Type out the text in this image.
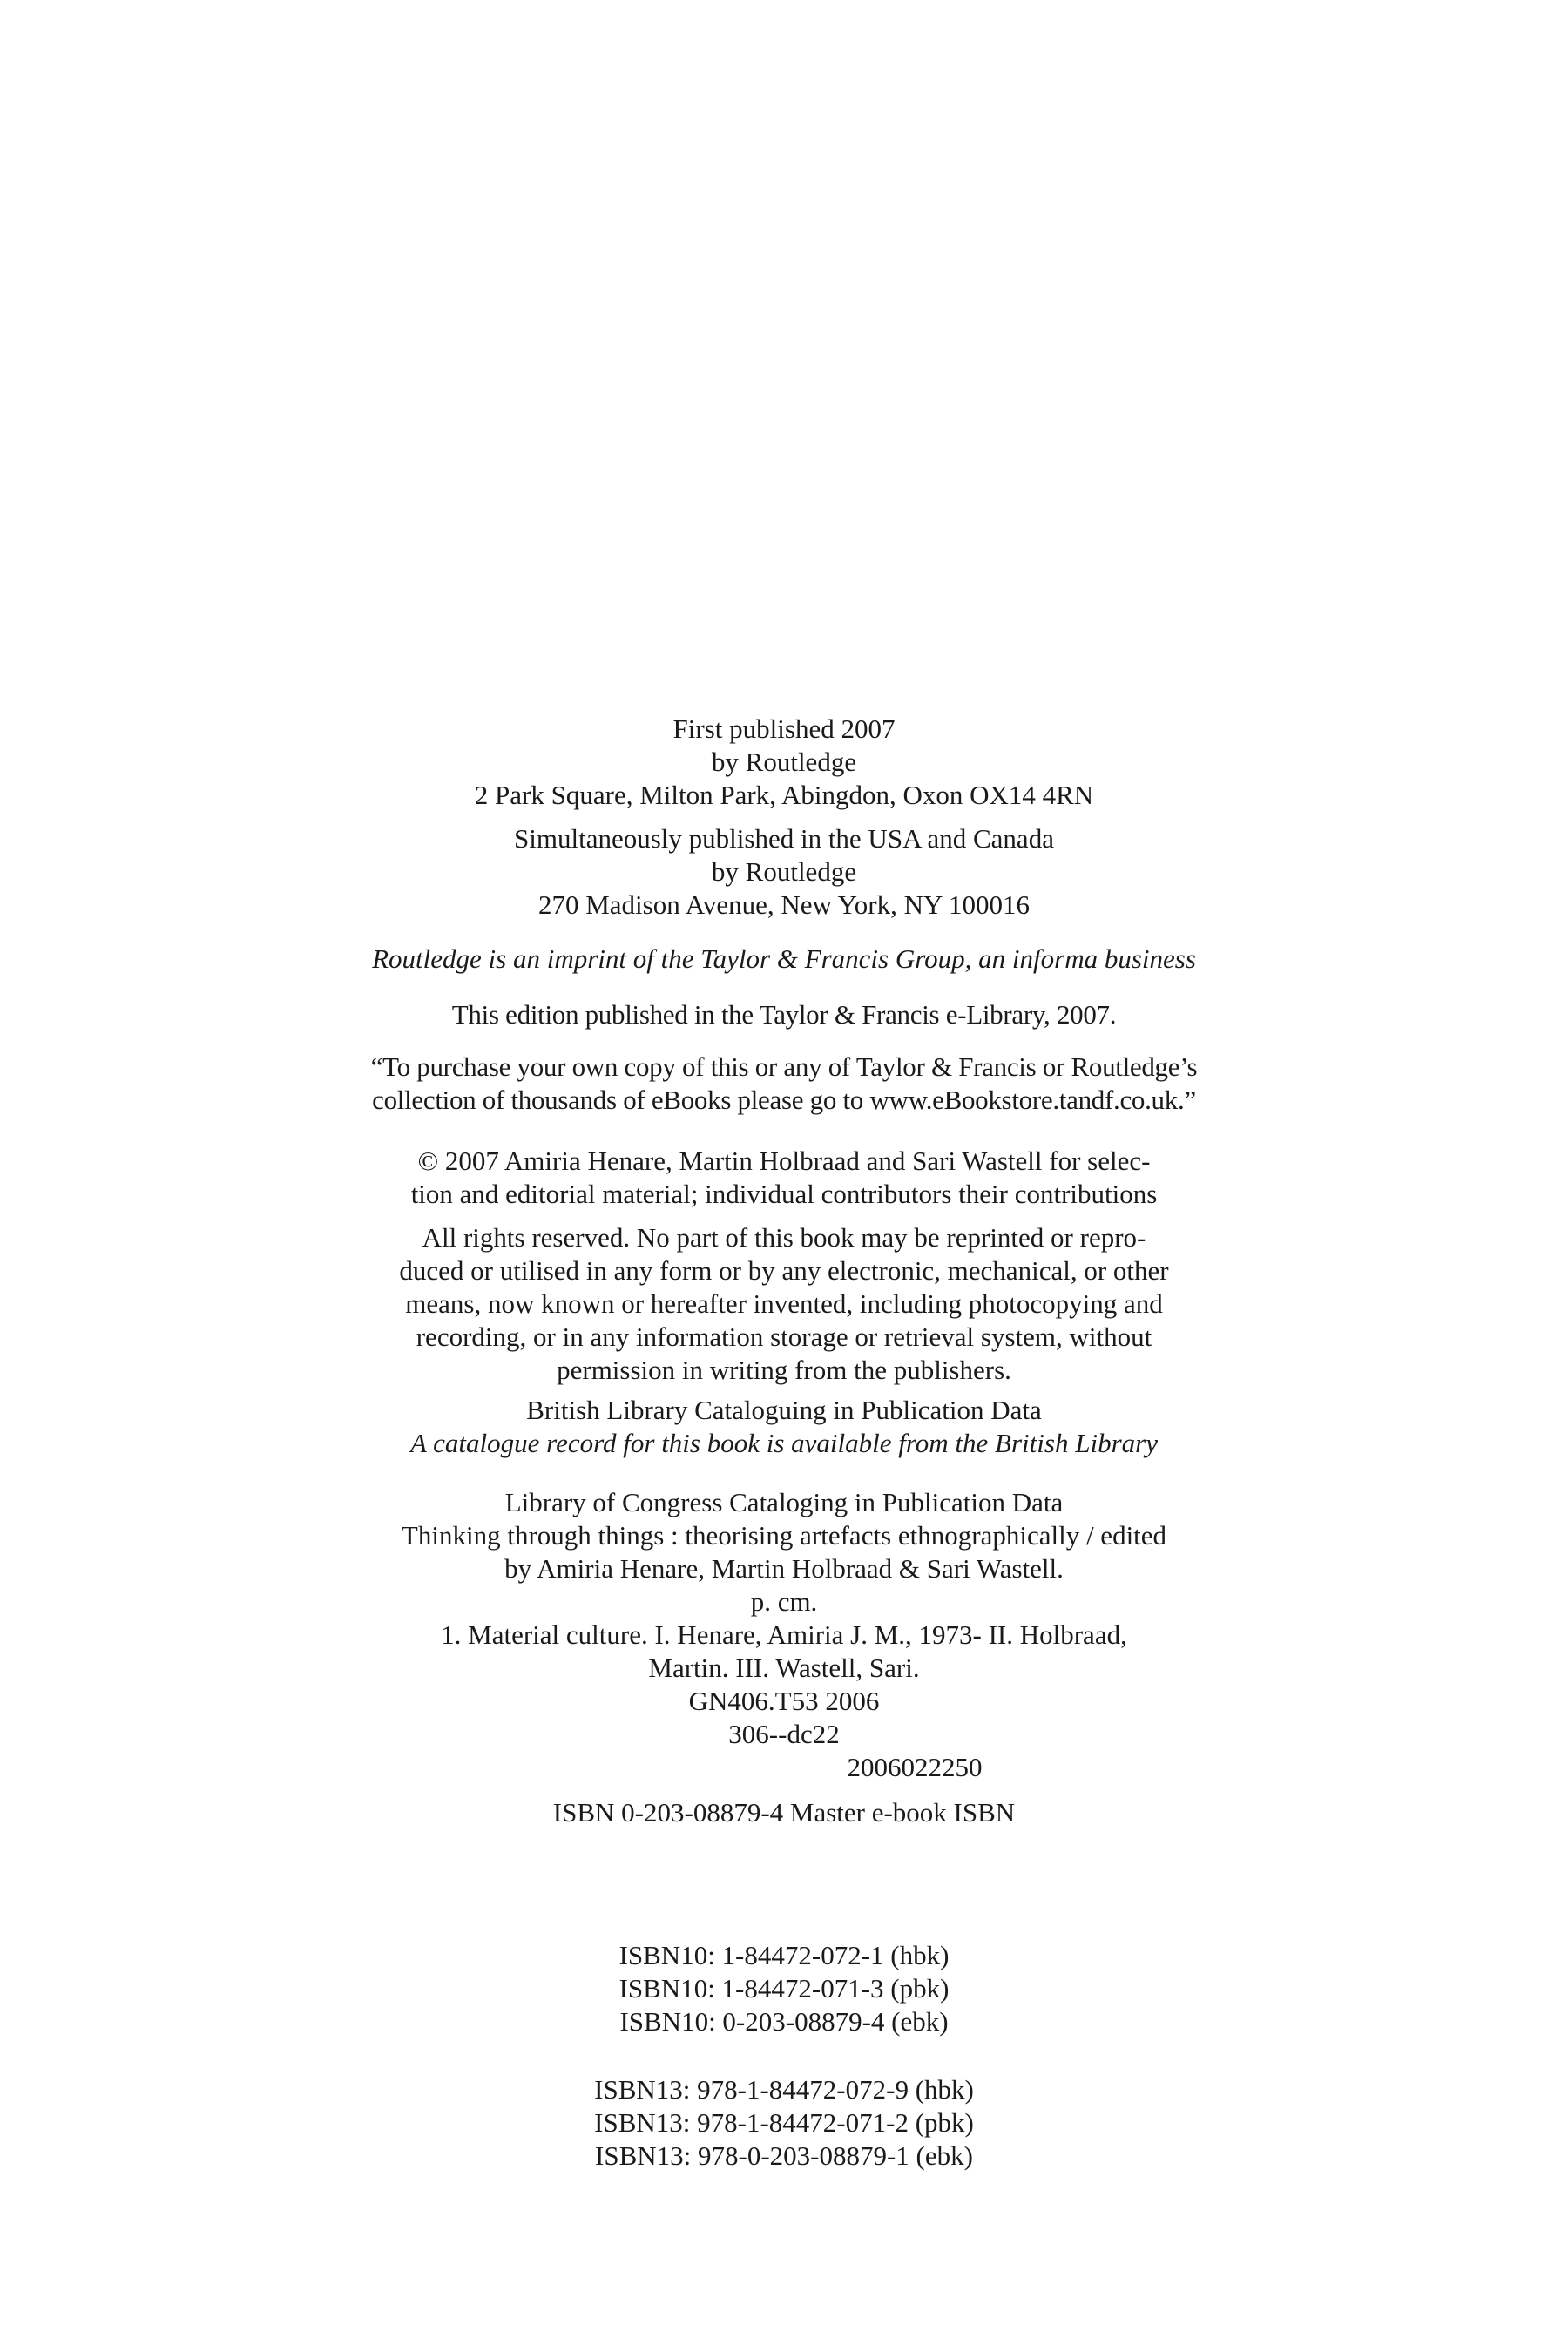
First published 2007
by Routledge
2 Park Square, Milton Park, Abingdon, Oxon OX14 4RN
Simultaneously published in the USA and Canada
by Routledge
270 Madison Avenue, New York, NY 100016
Routledge is an imprint of the Taylor & Francis Group, an informa business
This edition published in the Taylor & Francis e-Library, 2007.
“To purchase your own copy of this or any of Taylor & Francis or Routledge’s
collection of thousands of eBooks please go to www.eBookstore.tandf.co.uk.”
© 2007 Amiria Henare, Martin Holbraad and Sari Wastell for selec-
tion and editorial material; individual contributors their contributions
All rights reserved. No part of this book may be reprinted or repro-
duced or utilised in any form or by any electronic, mechanical, or other
means, now known or hereafter invented, including photocopying and
recording, or in any information storage or retrieval system, without
permission in writing from the publishers.
British Library Cataloguing in Publication Data
A catalogue record for this book is available from the British Library
Library of Congress Cataloging in Publication Data
Thinking through things : theorising artefacts ethnographically / edited
by Amiria Henare, Martin Holbraad & Sari Wastell.
p. cm.
1. Material culture. I. Henare, Amiria J. M., 1973- II. Holbraad,
Martin. III. Wastell, Sari.
GN406.T53 2006
306--dc22
2006022250
ISBN 0-203-08879-4 Master e-book ISBN
ISBN10: 1-84472-072-1 (hbk)
ISBN10: 1-84472-071-3 (pbk)
ISBN10: 0-203-08879-4 (ebk)
ISBN13: 978-1-84472-072-9 (hbk)
ISBN13: 978-1-84472-071-2 (pbk)
ISBN13: 978-0-203-08879-1 (ebk)
